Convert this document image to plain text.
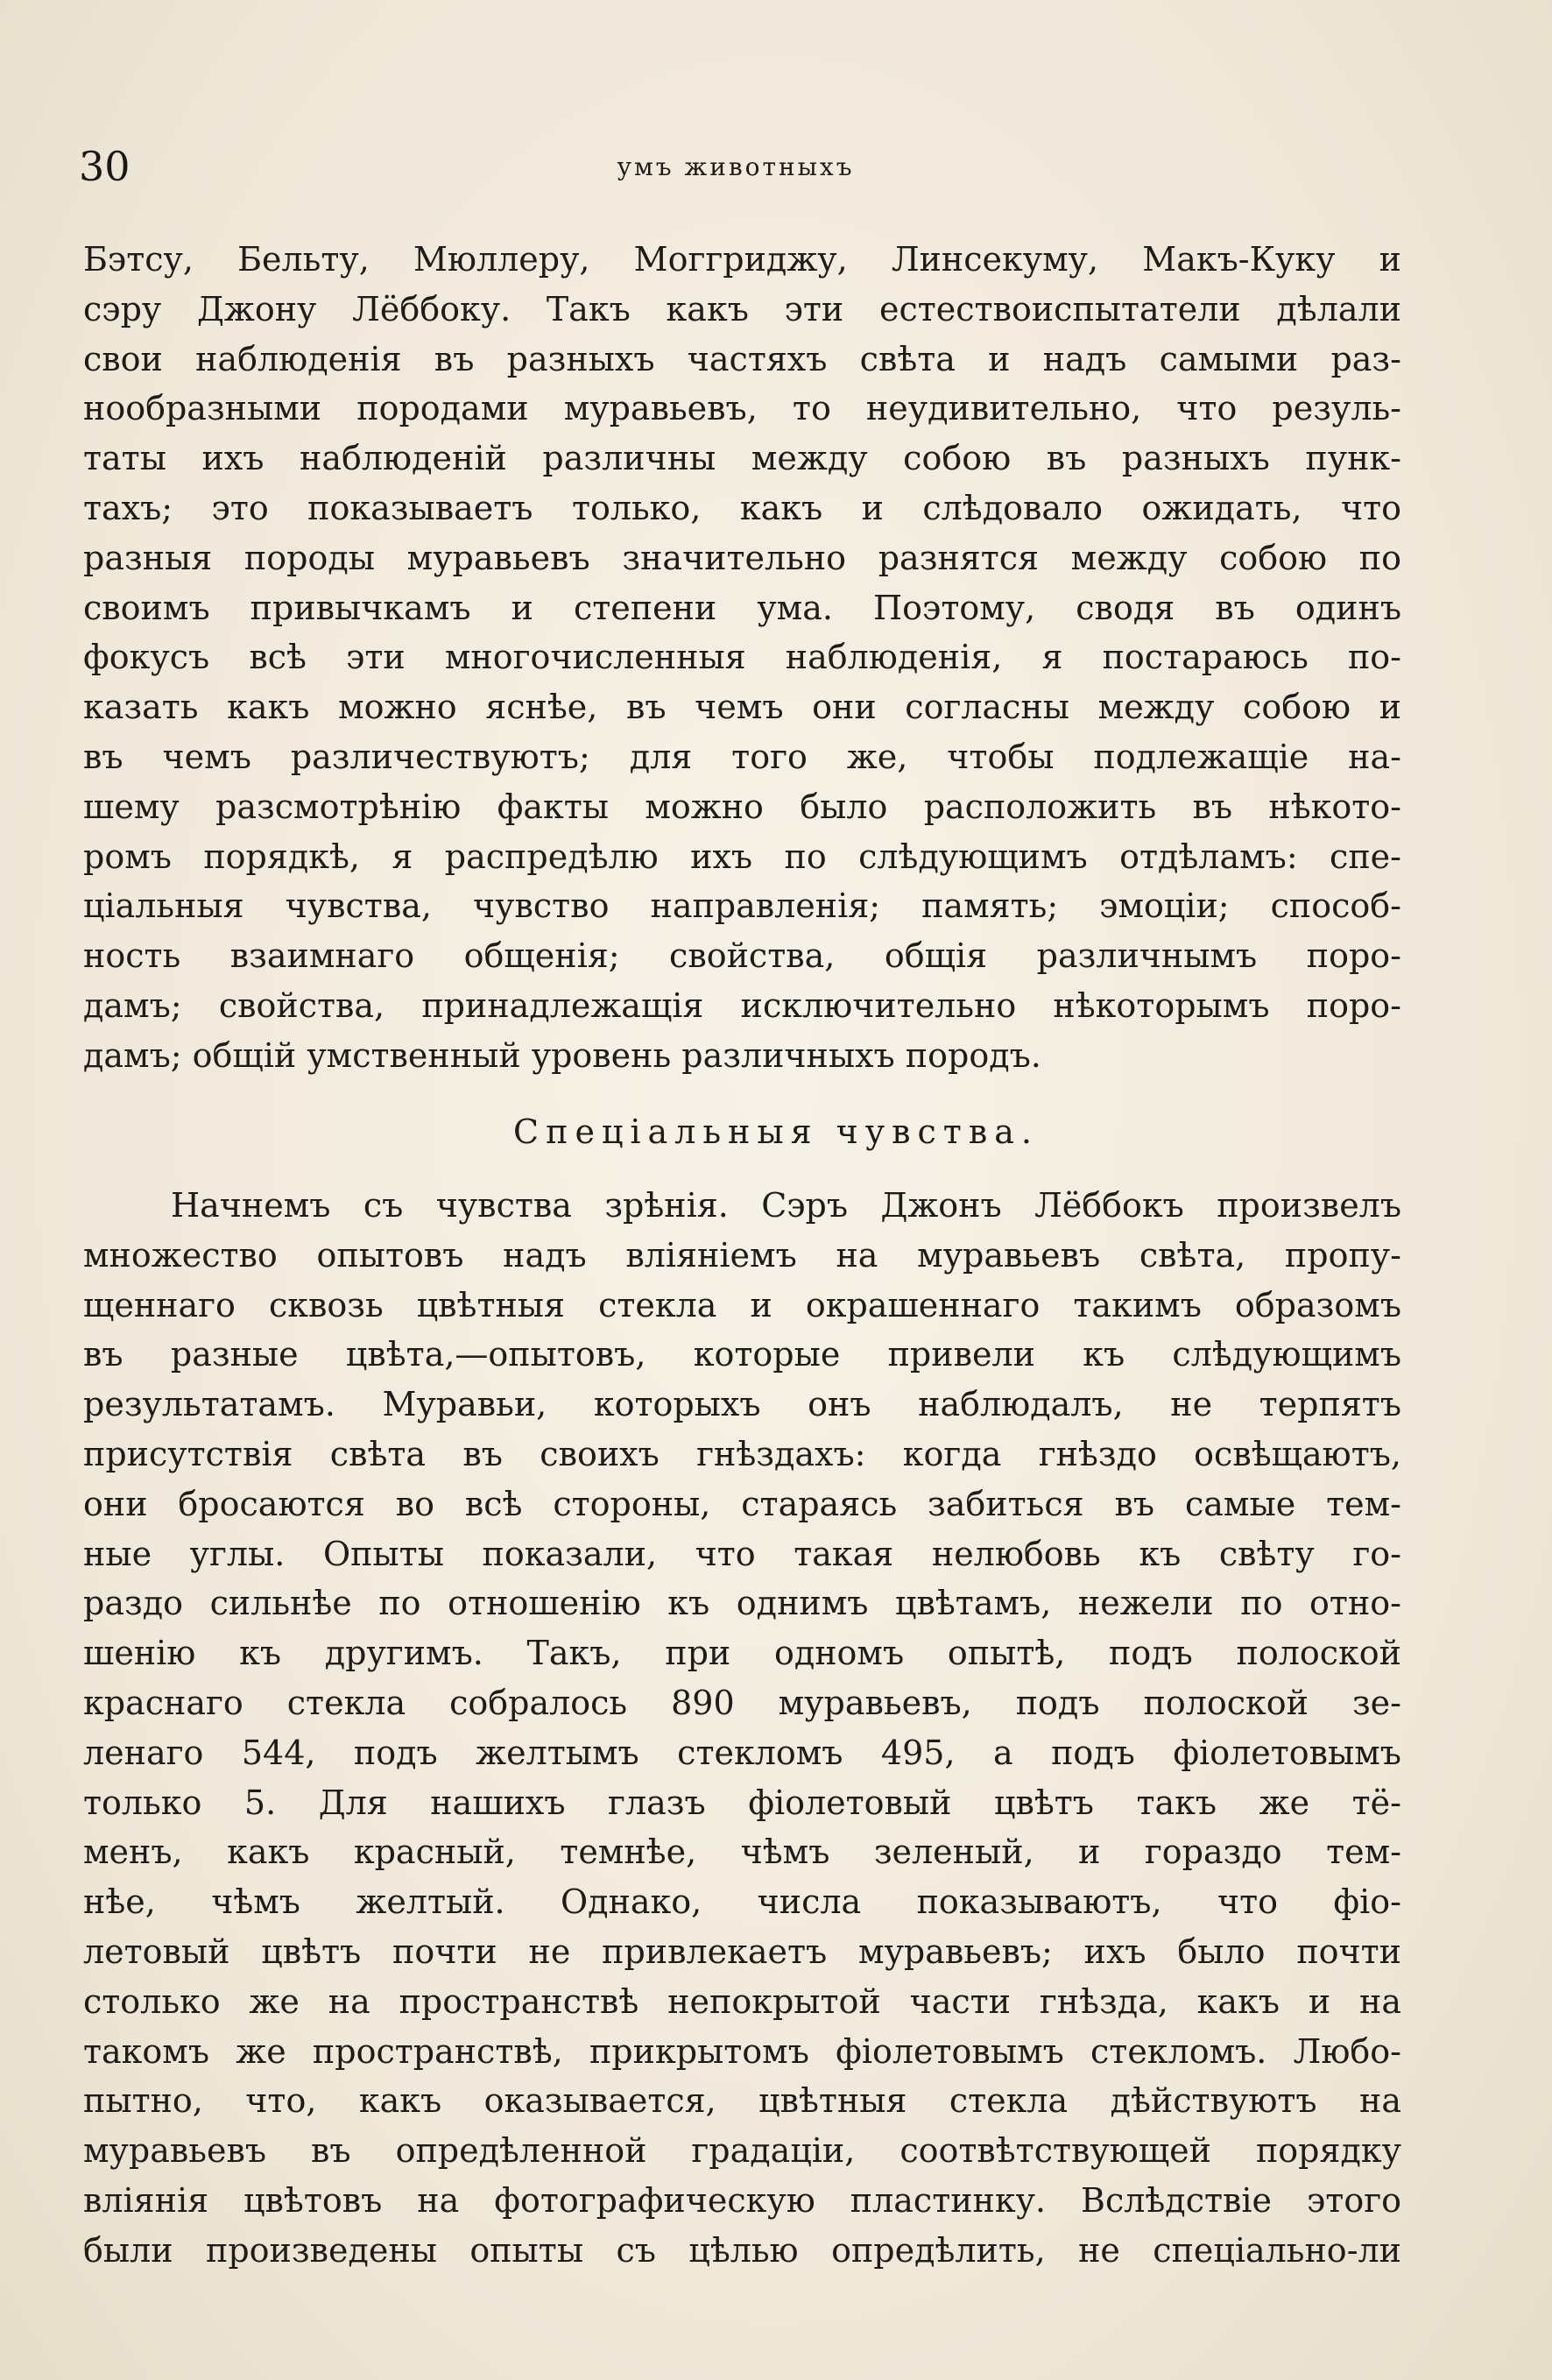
30	умъ животныхъ
Бэтсу, Бельту, Мюллеру, Моггриджу, Линсекуму, Макъ-Куку и
сэру Джону Лёббоку. Такъ какъ эти естествоиспытатели дѣлали
свои наблюденія въ разныхъ частяхъ свѣта и надъ самыми раз-
нообразными породами муравьевъ, то неудивительно, что резуль-
таты ихъ наблюденій различны между собою въ разныхъ пунк-
тахъ; это показываетъ только, какъ и слѣдовало ожидать, что
разныя породы муравьевъ значительно разнятся между собою по
своимъ привычкамъ и степени ума. Поэтому, сводя въ одинъ
фокусъ всѣ эти многочисленныя наблюденія, я постараюсь по-
казать какъ можно яснѣе, въ чемъ они согласны между собою и
въ чемъ различествуютъ; для того же, чтобы подлежащіе на-
шему разсмотрѣнію факты можно было расположить въ нѣкото-
ромъ порядкѣ, я распредѣлю ихъ по слѣдующимъ отдѣламъ: спе-
ціальныя чувства, чувство направленія; память; эмоціи; способ-
ность взаимнаго общенія; свойства, общія различнымъ поро-
дамъ; свойства, принадлежащія исключительно нѣкоторымъ поро-
дамъ; общій умственный уровень различныхъ породъ.
Спеціальныя чувства.
Начнемъ съ чувства зрѣнія. Сэръ Джонъ Лёббокъ произвелъ
множество опытовъ надъ вліяніемъ на муравьевъ свѣта, пропу-
щеннаго сквозь цвѣтныя стекла и окрашеннаго такимъ образомъ
въ разные цвѣта,—опытовъ, которые привели къ слѣдующимъ
результатамъ. Муравьи, которыхъ онъ наблюдалъ, не терпятъ
присутствія свѣта въ своихъ гнѣздахъ: когда гнѣздо освѣщаютъ,
они бросаются во всѣ стороны, стараясь забиться въ самые тем-
ные углы. Опыты показали, что такая нелюбовь къ свѣту го-
раздо сильнѣе по отношенію къ однимъ цвѣтамъ, нежели по отно-
шенію къ другимъ. Такъ, при одномъ опытѣ, подъ полоской
краснаго стекла собралось 890 муравьевъ, подъ полоской зе-
ленаго 544, подъ желтымъ стекломъ 495, а подъ фіолетовымъ
только 5. Для нашихъ глазъ фіолетовый цвѣтъ такъ же тё-
менъ, какъ красный, темнѣе, чѣмъ зеленый, и гораздо тем-
нѣе, чѣмъ желтый. Однако, числа показываютъ, что фіо-
летовый цвѣтъ почти не привлекаетъ муравьевъ; ихъ было почти
столько же на пространствѣ непокрытой части гнѣзда, какъ и на
такомъ же пространствѣ, прикрытомъ фіолетовымъ стекломъ. Любо-
пытно, что, какъ оказывается, цвѣтныя стекла дѣйствуютъ на
муравьевъ въ опредѣленной градаціи, соотвѣтствующей порядку
вліянія цвѣтовъ на фотографическую пластинку. Вслѣдствіе этого
были произведены опыты съ цѣлью опредѣлить, не спеціально-ли
